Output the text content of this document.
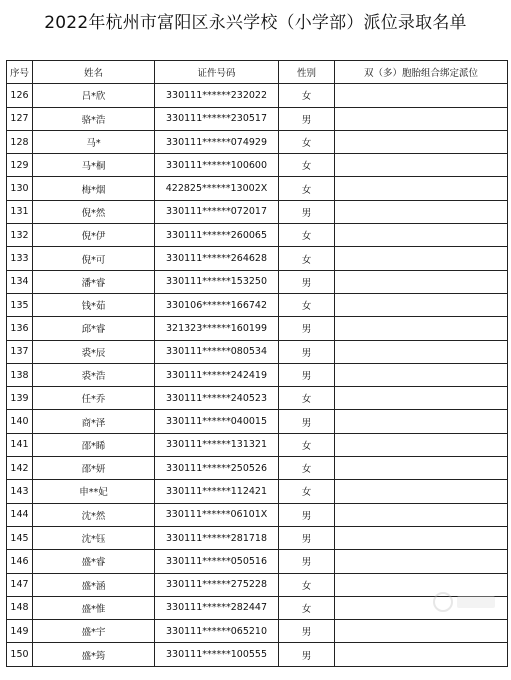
2022年杭州市富阳区永兴学校（小学部）派位录取名单
序号	姓名	证件号码	性别	双（多）胞胎组合绑定派位
126	吕*欣	330111******232022	女	
127	骆*浩	330111******230517	男	
128	马*	330111******074929	女	
129	马*桐	330111******100600	女	
130	梅*烟	422825******13002X	女	
131	倪*然	330111******072017	男	
132	倪*伊	330111******260065	女	
133	倪*可	330111******264628	女	
134	潘*睿	330111******153250	男	
135	钱*茹	330106******166742	女	
136	邱*睿	321323******160199	男	
137	裘*辰	330111******080534	男	
138	裘*浩	330111******242419	男	
139	任*乔	330111******240523	女	
140	商*泽	330111******040015	男	
141	邵*睎	330111******131321	女	
142	邵*妍	330111******250526	女	
143	申**妃	330111******112421	女	
144	沈*然	330111******06101X	男	
145	沈*钰	330111******281718	男	
146	盛*睿	330111******050516	男	
147	盛*涵	330111******275228	女	
148	盛*惟	330111******282447	女	
149	盛*宇	330111******065210	男	
150	盛*筠	330111******100555	男	
